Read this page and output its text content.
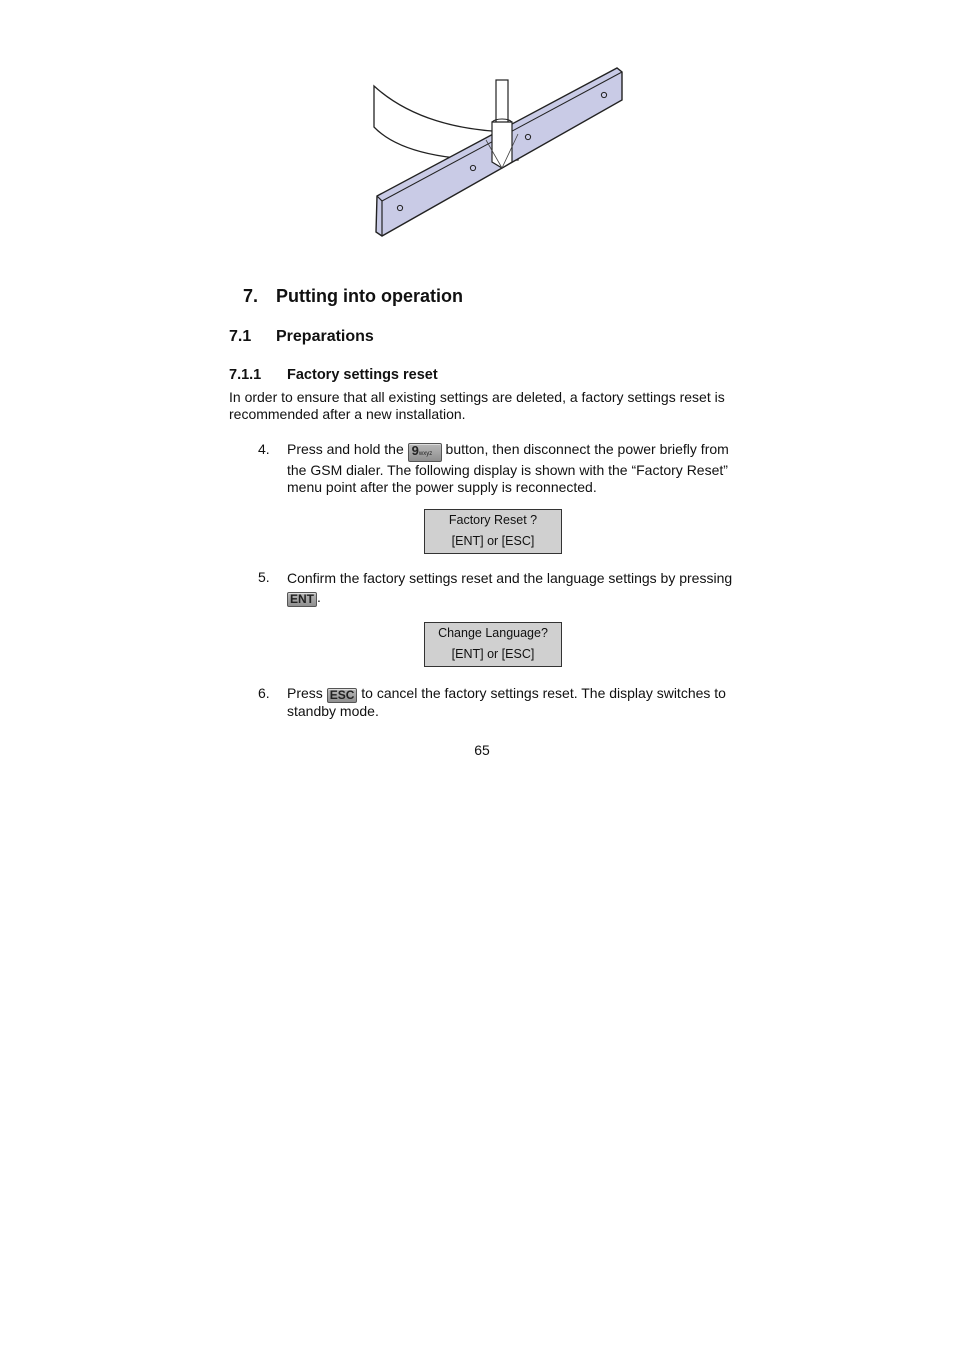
7. Putting into operation
7.1 Preparations
7.1.1 Factory settings reset
In order to ensure that all existing settings are deleted, a factory settings reset is recommended after a new installation.
4. Press and hold the 9wxyz button, then disconnect the power briefly from the GSM dialer. The following display is shown with the “Factory Reset” menu point after the power supply is reconnected.
Factory Reset ?
[ENT] or [ESC]
5. Confirm the factory settings reset and the language settings by pressing ENT .
Change Language?
[ENT] or [ESC]
6. Press ESC to cancel the factory settings reset. The display switches to standby mode.
65
